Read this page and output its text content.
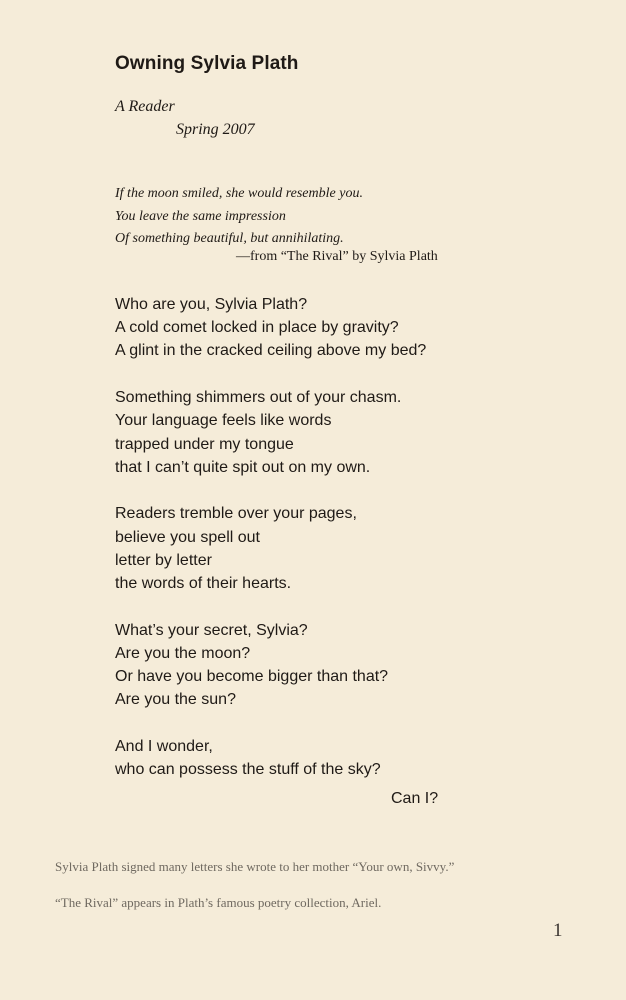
Owning Sylvia Plath
A Reader
Spring 2007
If the moon smiled, she would resemble you.
You leave the same impression
Of something beautiful, but annihilating.
—from “The Rival” by Sylvia Plath
Who are you, Sylvia Plath?
A cold comet locked in place by gravity?
A glint in the cracked ceiling above my bed?
Something shimmers out of your chasm.
Your language feels like words
trapped under my tongue
that I can’t quite spit out on my own.
Readers tremble over your pages,
believe you spell out
letter by letter
the words of their hearts.
What’s your secret, Sylvia?
Are you the moon?
Or have you become bigger than that?
Are you the sun?
And I wonder,
who can possess the stuff of the sky?
Can I?
Sylvia Plath signed many letters she wrote to her mother “Your own, Sivvy.”
“The Rival” appears in Plath’s famous poetry collection, Ariel.
1
